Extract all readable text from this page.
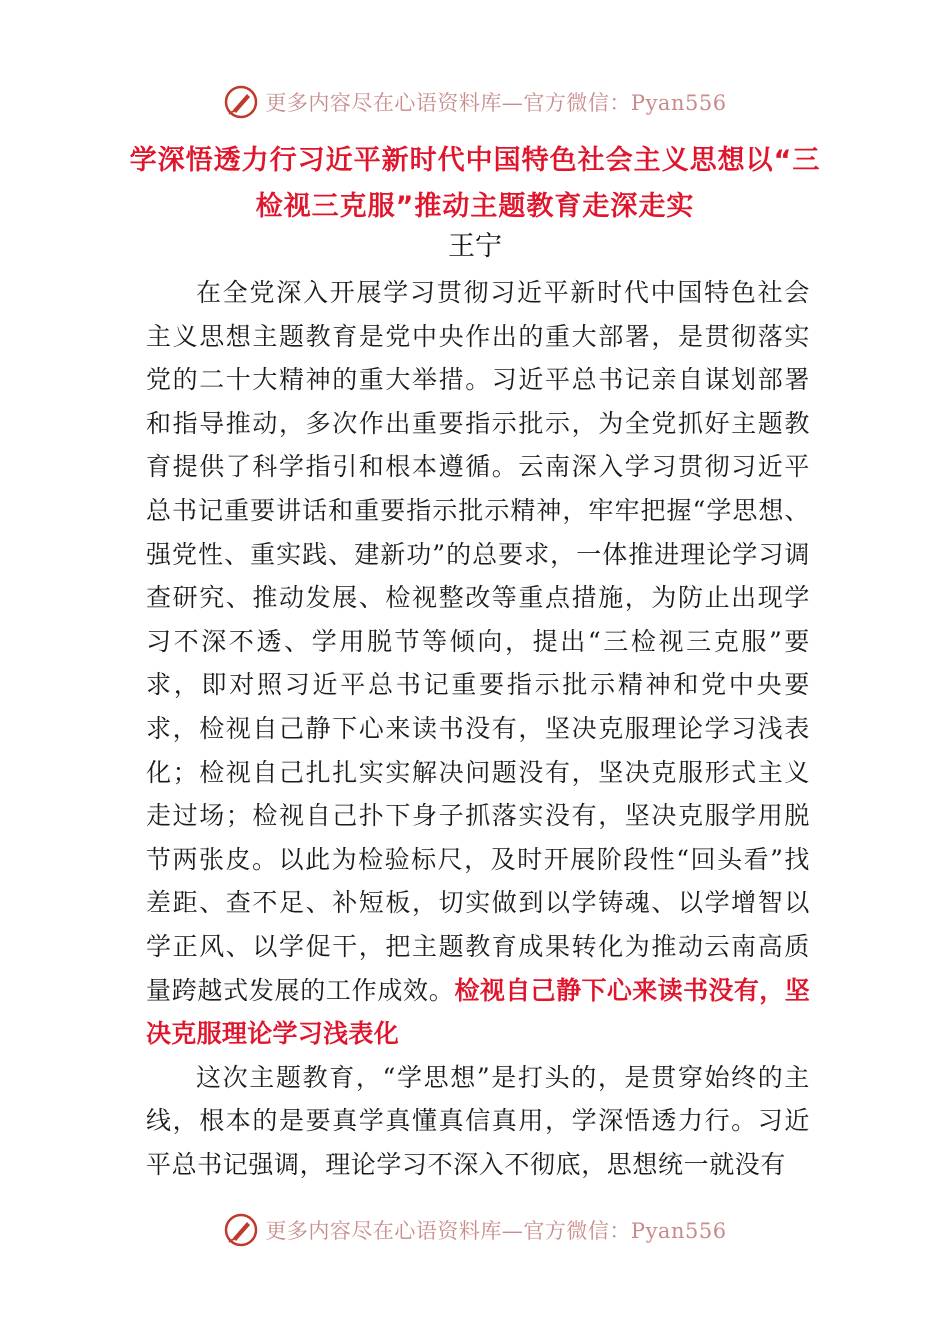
更多内容尽在心语资料库—官方微信：Pyan556
学深悟透力行习近平新时代中国特色社会主义思想以“三检视三克服”推动主题教育走深走实
王宁

在全党深入开展学习贯彻习近平新时代中国特色社会主义思想主题教育是党中央作出的重大部署，是贯彻落实党的二十大精神的重大举措。习近平总书记亲自谋划部署和指导推动，多次作出重要指示批示，为全党抓好主题教育提供了科学指引和根本遵循。云南深入学习贯彻习近平总书记重要讲话和重要指示批示精神，牢牢把握“学思想、强党性、重实践、建新功”的总要求，一体推进理论学习调查研究、推动发展、检视整改等重点措施，为防止出现学习不深不透、学用脱节等倾向，提出“三检视三克服”要求，即对照习近平总书记重要指示批示精神和党中央要求，检视自己静下心来读书没有，坚决克服理论学习浅表化；检视自己扎扎实实解决问题没有，坚决克服形式主义走过场；检视自己扑下身子抓落实没有，坚决克服学用脱节两张皮。以此为检验标尺，及时开展阶段性“回头看”找差距、查不足、补短板，切实做到以学铸魂、以学增智以学正风、以学促干，把主题教育成果转化为推动云南高质量跨越式发展的工作成效。检视自己静下心来读书没有，坚决克服理论学习浅表化

这次主题教育，“学思想”是打头的，是贯穿始终的主线，根本的是要真学真懂真信真用，学深悟透力行。习近平总书记强调，理论学习不深入不彻底，思想统一就没有

更多内容尽在心语资料库—官方微信：Pyan556
